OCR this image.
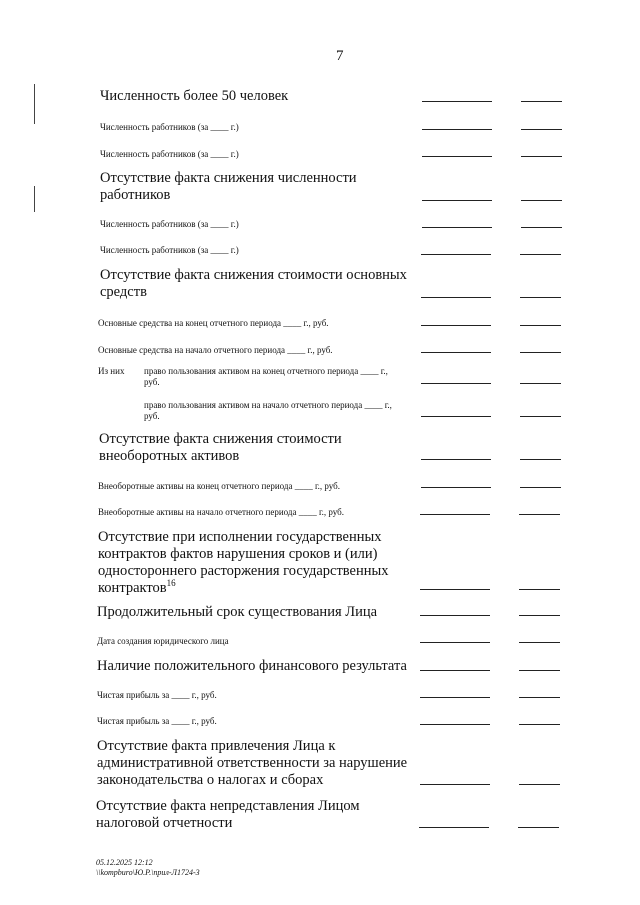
7
Численность более 50 человек
Численность работников (за ____ г.)
Численность работников (за ____ г.)
Отсутствие факта снижения численности
работников
Численность работников (за ____ г.)
Численность работников (за ____ г.)
Отсутствие факта снижения стоимости основных
средств
Основные средства на конец отчетного периода ____ г., руб.
Основные средства на начало отчетного периода ____ г., руб.
Из них право пользования активом на конец отчетного периода ____ г.,
руб.
право пользования активом на начало отчетного периода ____ г.,
руб.
Отсутствие факта снижения стоимости
внеоборотных активов
Внеоборотные активы на конец отчетного периода ____ г., руб.
Внеоборотные активы на начало отчетного периода ____ г., руб.
Отсутствие при исполнении государственных
контрактов фактов нарушения сроков и (или)
одностороннего расторжения государственных
контрактов$^{16}$
Продолжительный срок существования Лица
Дата создания юридического лица
Наличие положительного финансового результата
Чистая прибыль за ____ г., руб.
Чистая прибыль за ____ г., руб.
Отсутствие факта привлечения Лица к
административной ответственности за нарушение
законодательства о налогах и сборах
Отсутствие факта непредставления Лицом
налоговой отчетности
05.12.2025 12:12
\\kompburo\Ю.Р.\прил-Л1724-3
